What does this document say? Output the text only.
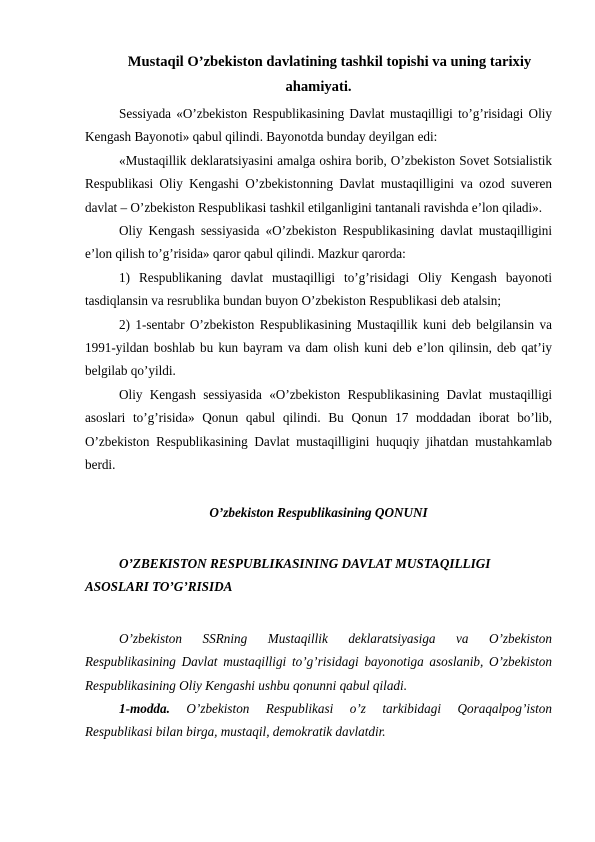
Mustaqil O’zbekiston davlatining tashkil topishi va uning tarixiy ahamiyati.

Sessiyada «O’zbekiston Respublikasining Davlat mustaqilligi to’g’risidagi Oliy Kengash Bayonoti» qabul qilindi. Bayonotda bunday deyilgan edi:

«Mustaqillik deklaratsiyasini amalga oshira borib, O’zbekiston Sovet Sotsialistik Respublikasi Oliy Kengashi O’zbekistonning Davlat mustaqilligini va ozod suveren davlat – O’zbekiston Respublikasi tashkil etilganligini tantanali ravishda e’lon qiladi».

Oliy Kengash sessiyasida «O’zbekiston Respublikasining davlat mustaqilligini e’lon qilish to’g’risida» qaror qabul qilindi. Mazkur qarorda:

1) Respublikaning davlat mustaqilligi to’g’risidagi Oliy Kengash bayonoti tasdiqlansin va resrublika bundan buyon O’zbekiston Respublikasi deb atalsin;

2) 1-sentabr O’zbekiston Respublikasining Mustaqillik kuni deb belgilansin va 1991-yildan boshlab bu kun bayram va dam olish kuni deb e’lon qilinsin, deb qat’iy belgilab qo’yildi.

Oliy Kengash sessiyasida «O’zbekiston Respublikasining Davlat mustaqilligi asoslari to’g’risida» Qonun qabul qilindi. Bu Qonun 17 moddadan iborat bo’lib, O’zbekiston Respublikasining Davlat mustaqilligini huquqiy jihatdan mustahkamlab berdi.

O’zbekiston Respublikasining QONUNI
O’ZBEKISTON RESPUBLIKASINING DAVLAT MUSTAQILLIGI ASOSLARI TO’G’RISIDA

O’zbekiston SSRning Mustaqillik deklaratsiyasiga va O’zbekiston Respublikasining Davlat mustaqilligi to’g’risidagi bayonotiga asoslanib, O’zbekiston Respublikasining Oliy Kengashi ushbu qonunni qabul qiladi.

1-modda. O’zbekiston Respublikasi o’z tarkibidagi Qoraqalpog’iston Respublikasi bilan birga, mustaqil, demokratik davlatdir.
